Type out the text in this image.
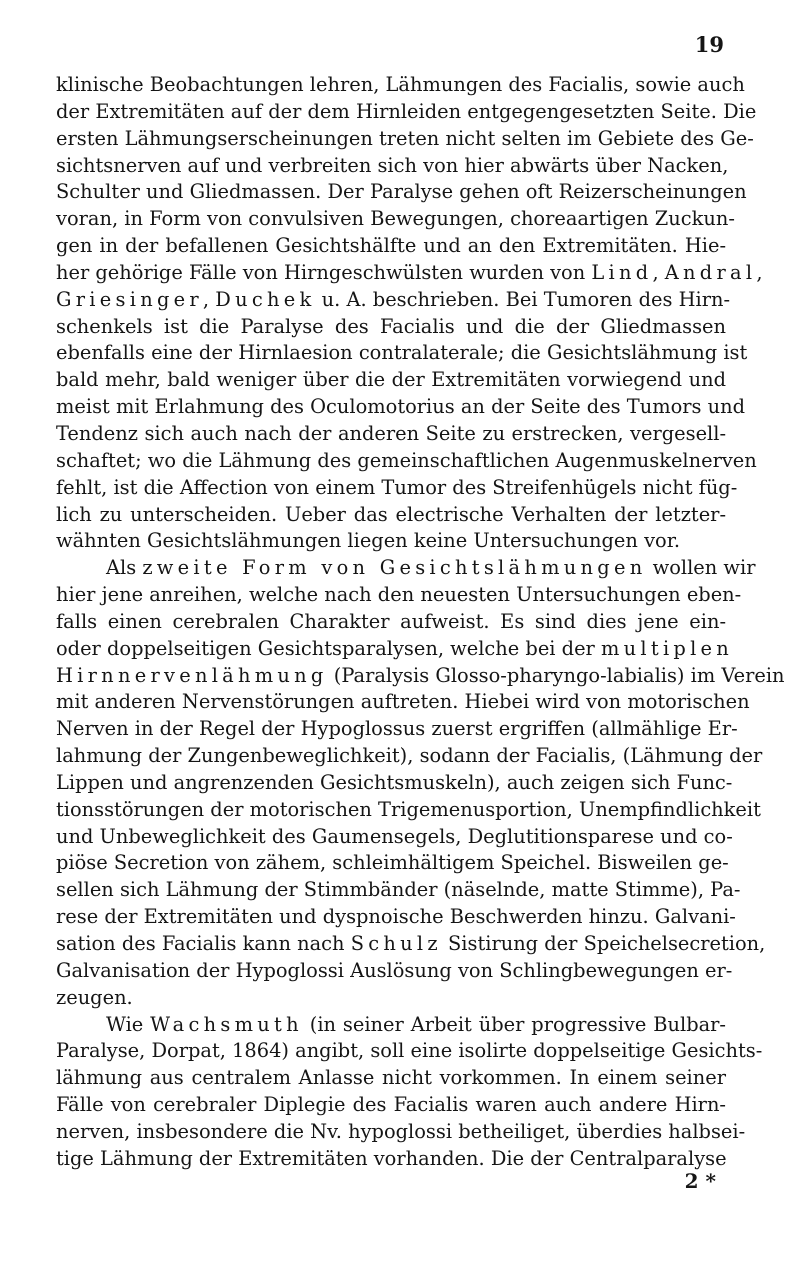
19

klinische Beobachtungen lehren, Lähmungen des Facialis, sowie auch
der Extremitäten auf der dem Hirnleiden entgegengesetzten Seite. Die
ersten Lähmungserscheinungen treten nicht selten im Gebiete des Ge-
sichtsnerven auf und verbreiten sich von hier abwärts über Nacken,
Schulter und Gliedmassen. Der Paralyse gehen oft Reizerscheinungen
voran, in Form von convulsiven Bewegungen, choreaartigen Zuckun-
gen in der befallenen Gesichtshälfte und an den Extremitäten. Hie-
her gehörige Fälle von Hirngeschwülsten wurden von Lind, Andral,
Griesinger, Duchek u. A. beschrieben. Bei Tumoren des Hirn-
schenkels ist die Paralyse des Facialis und die der Gliedmassen
ebenfalls eine der Hirnlaesion contralaterale; die Gesichtslähmung ist
bald mehr, bald weniger über die der Extremitäten vorwiegend und
meist mit Erlahmung des Oculomotorius an der Seite des Tumors und
Tendenz sich auch nach der anderen Seite zu erstrecken, vergesell-
schaftet; wo die Lähmung des gemeinschaftlichen Augenmuskelnerven
fehlt, ist die Affection von einem Tumor des Streifenhügels nicht füg-
lich zu unterscheiden. Ueber das electrische Verhalten der letzter-
wähnten Gesichtslähmungen liegen keine Untersuchungen vor.
Als zweite Form von Gesichtslähmungen wollen wir
hier jene anreihen, welche nach den neuesten Untersuchungen eben-
falls einen cerebralen Charakter aufweist. Es sind dies jene ein-
oder doppelseitigen Gesichtsparalysen, welche bei der multiplen
Hirnnervenlähmung (Paralysis Glosso-pharyngo-labialis) im Verein
mit anderen Nervenstörungen auftreten. Hiebei wird von motorischen
Nerven in der Regel der Hypoglossus zuerst ergriffen (allmählige Er-
lahmung der Zungenbeweglichkeit), sodann der Facialis, (Lähmung der
Lippen und angrenzenden Gesichtsmuskeln), auch zeigen sich Func-
tionsstörungen der motorischen Trigemenusportion, Unempfindlichkeit
und Unbeweglichkeit des Gaumensegels, Deglutitionsparese und co-
piöse Secretion von zähem, schleimhältigem Speichel. Bisweilen ge-
sellen sich Lähmung der Stimmbänder (näselnde, matte Stimme), Pa-
rese der Extremitäten und dyspnoische Beschwerden hinzu. Galvani-
sation des Facialis kann nach Schulz Sistirung der Speichelsecretion,
Galvanisation der Hypoglossi Auslösung von Schlingbewegungen er-
zeugen.
Wie Wachsmuth (in seiner Arbeit über progressive Bulbar-
Paralyse, Dorpat, 1864) angibt, soll eine isolirte doppelseitige Gesichts-
lähmung aus centralem Anlasse nicht vorkommen. In einem seiner
Fälle von cerebraler Diplegie des Facialis waren auch andere Hirn-
nerven, insbesondere die Nv. hypoglossi betheiliget, überdies halbsei-
tige Lähmung der Extremitäten vorhanden. Die der Centralparalyse

2 *
